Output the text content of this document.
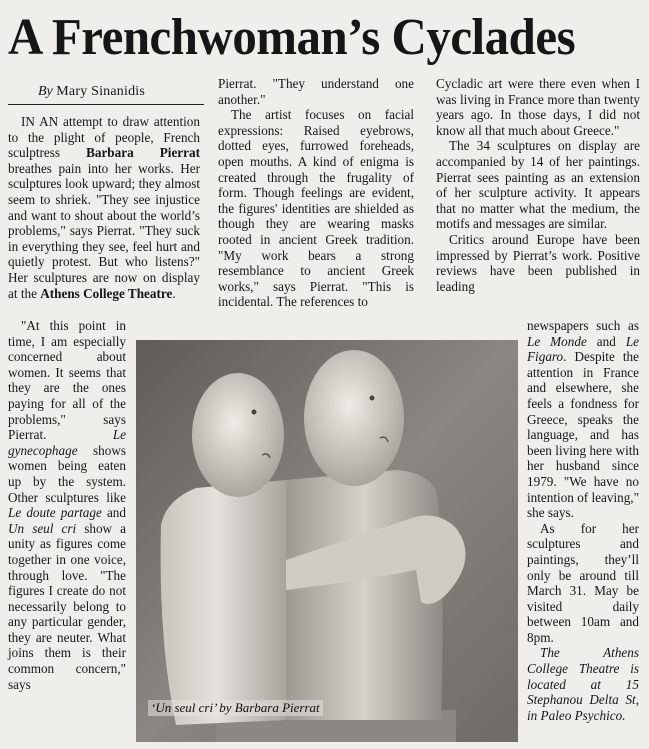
A Frenchwoman’s Cyclades
By Mary Sinanidis

IN AN attempt to draw attention to the plight of people, French sculptress Barbara Pierrat breathes pain into her works. Her sculptures look upward; they almost seem to shriek. "They see injustice and want to shout about the world’s problems," says Pierrat. "They suck in everything they see, feel hurt and quietly protest. But who listens?" Her sculptures are now on display at the Athens College Theatre.

"At this point in time, I am especially concerned about women. It seems that they are the ones paying for all of the problems," says Pierrat. Le gynecophage shows women being eaten up by the system. Other sculptures like Le doute partage and Un seul cri show a unity as figures come together in one voice, through love. "The figures I create do not necessarily belong to any particular gender, they are neuter. What joins them is their common concern," says

Pierrat. "They understand one another."

The artist focuses on facial expressions: Raised eyebrows, dotted eyes, furrowed foreheads, open mouths. A kind of enigma is created through the frugality of form. Though feelings are evident, the figures' identities are shielded as though they are wearing masks rooted in ancient Greek tradition. "My work bears a strong resemblance to ancient Greek works," says Pierrat. "This is incidental. The references to

Cycladic art were there even when I was living in France more than twenty years ago. In those days, I did not know all that much about Greece."

The 34 sculptures on display are accompanied by 14 of her paintings. Pierrat sees painting as an extension of her sculpture activity. It appears that no matter what the medium, the motifs and messages are similar.

Critics around Europe have been impressed by Pierrat’s work. Positive reviews have been published in leading

newspapers such as Le Monde and Le Figaro. Despite the attention in France and elsewhere, she feels a fondness for Greece, speaks the language, and has been living here with her husband since 1979. "We have no intention of leaving," she says.

As for her sculptures and paintings, they’ll only be around till March 31. May be visited daily between 10am and 8pm.

The Athens College Theatre is located at 15 Stephanou Delta St, in Paleo Psychico.

‘Un seul cri’ by Barbara Pierrat
